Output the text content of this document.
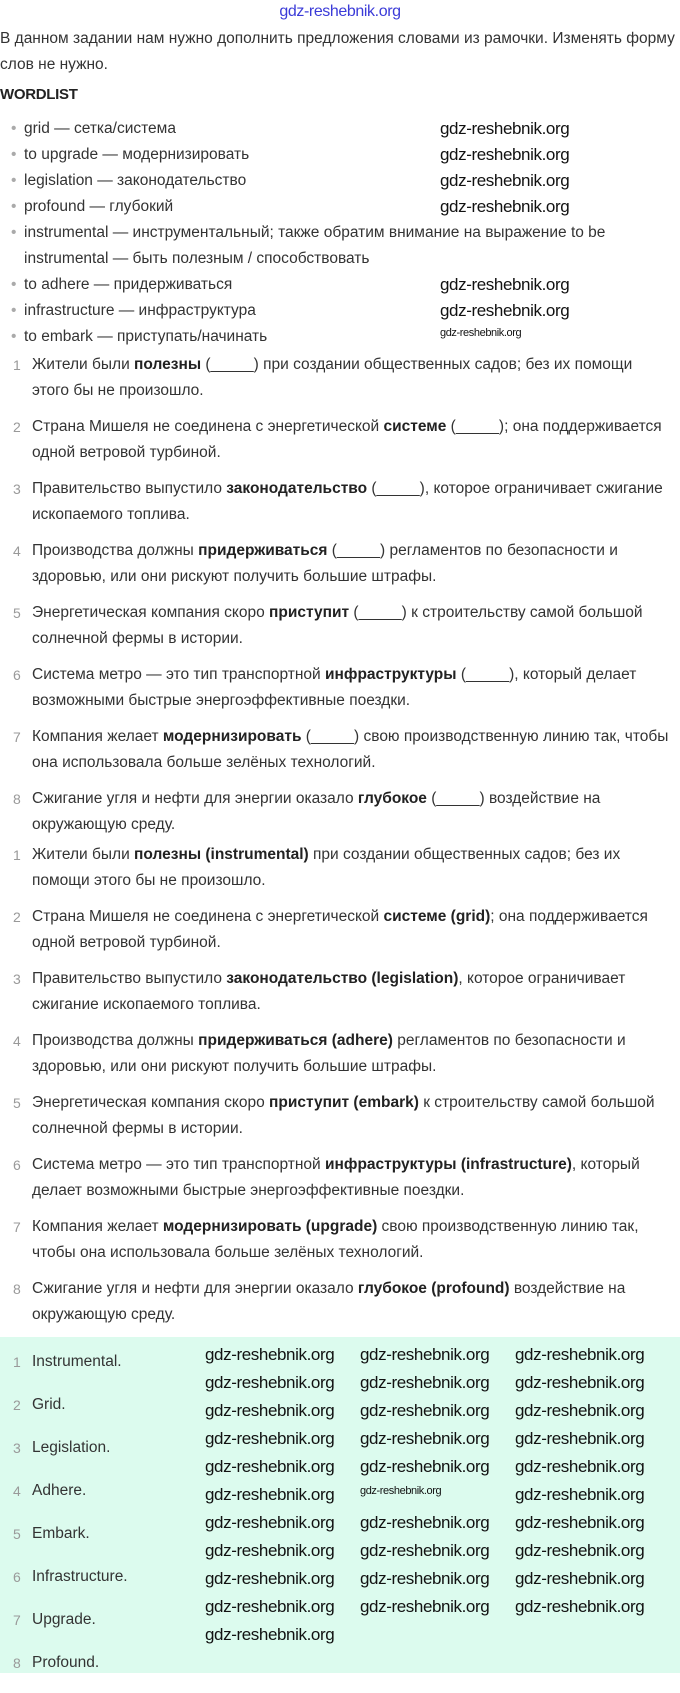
gdz-reshebnik.org
В данном задании нам нужно дополнить предложения словами из рамочки. Изменять форму слов не нужно.
WORDLIST
• grid — сетка/система
• to upgrade — модернизировать
• legislation — законодательство
• profound — глубокий
• instrumental — инструментальный; также обратим внимание на выражение to be instrumental — быть полезным / способствовать
• to adhere — придерживаться
• infrastructure — инфраструктура
• to embark — приступать/начинать
1 Жители были полезны (_____) при создании общественных садов; без их помощи этого бы не произошло.
2 Страна Мишеля не соединена с энергетической системе (_____); она поддерживается одной ветровой турбиной.
3 Правительство выпустило законодательство (_____), которое ограничивает сжигание ископаемого топлива.
4 Производства должны придерживаться (_____) регламентов по безопасности и здоровью, или они рискуют получить большие штрафы.
5 Энергетическая компания скоро приступит (_____) к строительству самой большой солнечной фермы в истории.
6 Система метро — это тип транспортной инфраструктуры (_____), который делает возможными быстрые энергоэффективные поездки.
7 Компания желает модернизировать (_____) свою производственную линию так, чтобы она использовала больше зелёных технологий.
8 Сжигание угля и нефти для энергии оказало глубокое (_____) воздействие на окружающую среду.
1 Жители были полезны (instrumental) при создании общественных садов; без их помощи этого бы не произошло.
2 Страна Мишеля не соединена с энергетической системе (grid); она поддерживается одной ветровой турбиной.
3 Правительство выпустило законодательство (legislation), которое ограничивает сжигание ископаемого топлива.
4 Производства должны придерживаться (adhere) регламентов по безопасности и здоровью, или они рискуют получить большие штрафы.
5 Энергетическая компания скоро приступит (embark) к строительству самой большой солнечной фермы в истории.
6 Система метро — это тип транспортной инфраструктуры (infrastructure), который делает возможными быстрые энергоэффективные поездки.
7 Компания желает модернизировать (upgrade) свою производственную линию так, чтобы она использовала больше зелёных технологий.
8 Сжигание угля и нефти для энергии оказало глубокое (profound) воздействие на окружающую среду.
1 Instrumental.
2 Grid.
3 Legislation.
4 Adhere.
5 Embark.
6 Infrastructure.
7 Upgrade.
8 Profound.
gdz-reshebnik.org
gdz-reshebnik.org
gdz-reshebnik.org
gdz-reshebnik.org
gdz-reshebnik.org
gdz-reshebnik.org
gdz-reshebnik.org
gdz-reshebnik.org gdz-reshebnik.org gdz-reshebnik.org
gdz-reshebnik.org gdz-reshebnik.org gdz-reshebnik.org
gdz-reshebnik.org gdz-reshebnik.org gdz-reshebnik.org
gdz-reshebnik.org gdz-reshebnik.org gdz-reshebnik.org
gdz-reshebnik.org gdz-reshebnik.org gdz-reshebnik.org
gdz-reshebnik.org gdz-reshebnik.org	gdz-reshebnik.org
gdz-reshebnik.org gdz-reshebnik.org gdz-reshebnik.org
gdz-reshebnik.org gdz-reshebnik.org gdz-reshebnik.org
gdz-reshebnik.org gdz-reshebnik.org gdz-reshebnik.org
gdz-reshebnik.org gdz-reshebnik.org gdz-reshebnik.org
gdz-reshebnik.org
